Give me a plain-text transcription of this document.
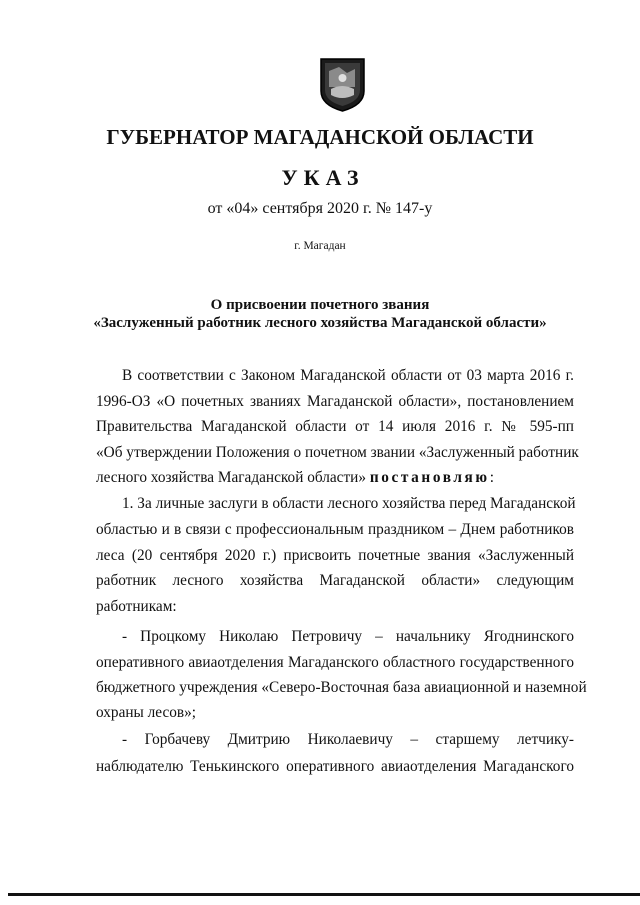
ГУБЕРНАТОР МАГАДАНСКОЙ ОБЛАСТИ
УКАЗ
от «04» сентября 2020 г. № 147-у
г. Магадан
О присвоении почетного звания
«Заслуженный работник лесного хозяйства Магаданской области»
В соответствии с Законом Магаданской области от 03 марта 2016 г.
1996-ОЗ «О почетных званиях Магаданской области», постановлением
Правительства Магаданской области от 14 июля 2016 г. № 595-пп
«Об утверждении Положения о почетном звании «Заслуженный работник
лесного хозяйства Магаданской области» постановляю:
1. За личные заслуги в области лесного хозяйства перед Магаданской
областью и в связи с профессиональным праздником – Днем работников
леса (20 сентября 2020 г.) присвоить почетные звания «Заслуженный
работник лесного хозяйства Магаданской области» следующим
работникам:
- Процкому Николаю Петровичу – начальнику Ягоднинского
оперативного авиаотделения Магаданского областного государственного
бюджетного учреждения «Северо-Восточная база авиационной и наземной
охраны лесов»;
- Горбачеву Дмитрию Николаевичу – старшему летчику-
наблюдателю Тенькинского оперативного авиаотделения Магаданского
